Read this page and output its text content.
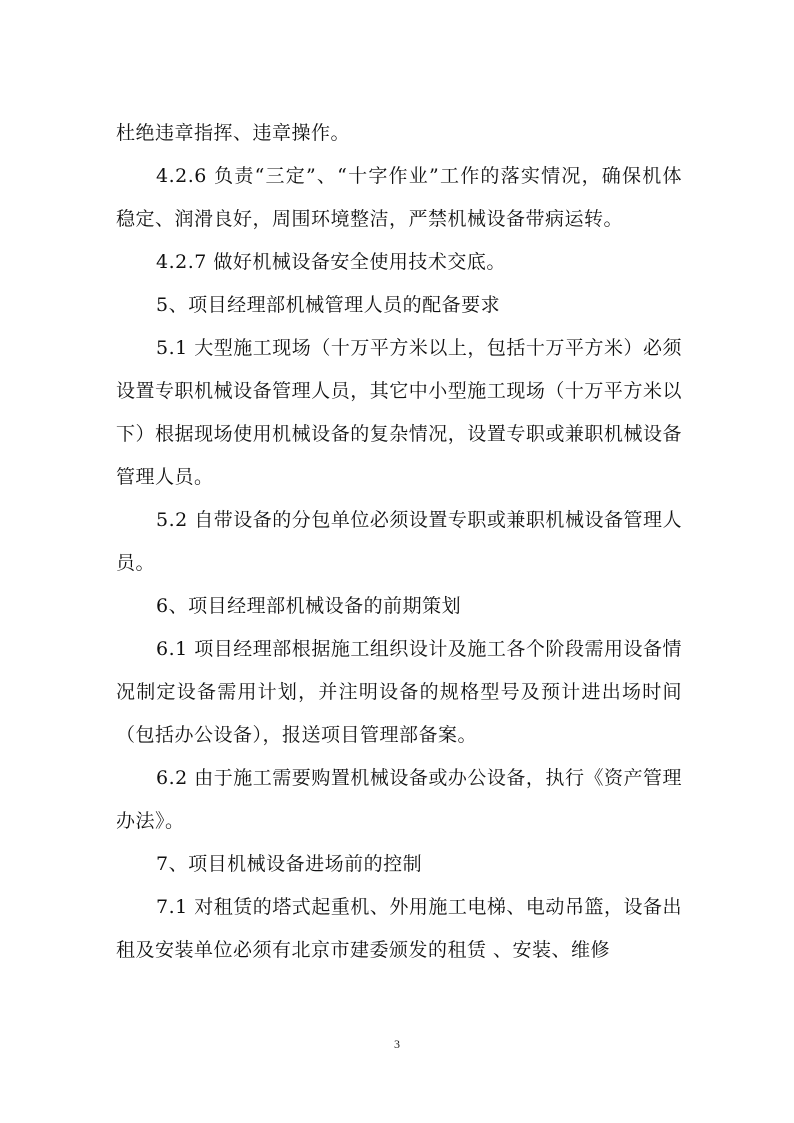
杜绝违章指挥、违章操作。

4.2.6 负责“三定”、“十字作业”工作的落实情况，确保机体稳定、润滑良好，周围环境整洁，严禁机械设备带病运转。

4.2.7 做好机械设备安全使用技术交底。

5、项目经理部机械管理人员的配备要求

5.1 大型施工现场（十万平方米以上，包括十万平方米）必须设置专职机械设备管理人员，其它中小型施工现场（十万平方米以下）根据现场使用机械设备的复杂情况，设置专职或兼职机械设备管理人员。

5.2 自带设备的分包单位必须设置专职或兼职机械设备管理人员。

6、项目经理部机械设备的前期策划

6.1 项目经理部根据施工组织设计及施工各个阶段需用设备情况制定设备需用计划，并注明设备的规格型号及预计进出场时间（包括办公设备），报送项目管理部备案。

6.2 由于施工需要购置机械设备或办公设备，执行《资产管理办法》。

7、项目机械设备进场前的控制

7.1 对租赁的塔式起重机、外用施工电梯、电动吊篮，设备出租及安装单位必须有北京市建委颁发的租赁 、安装、维修

3
